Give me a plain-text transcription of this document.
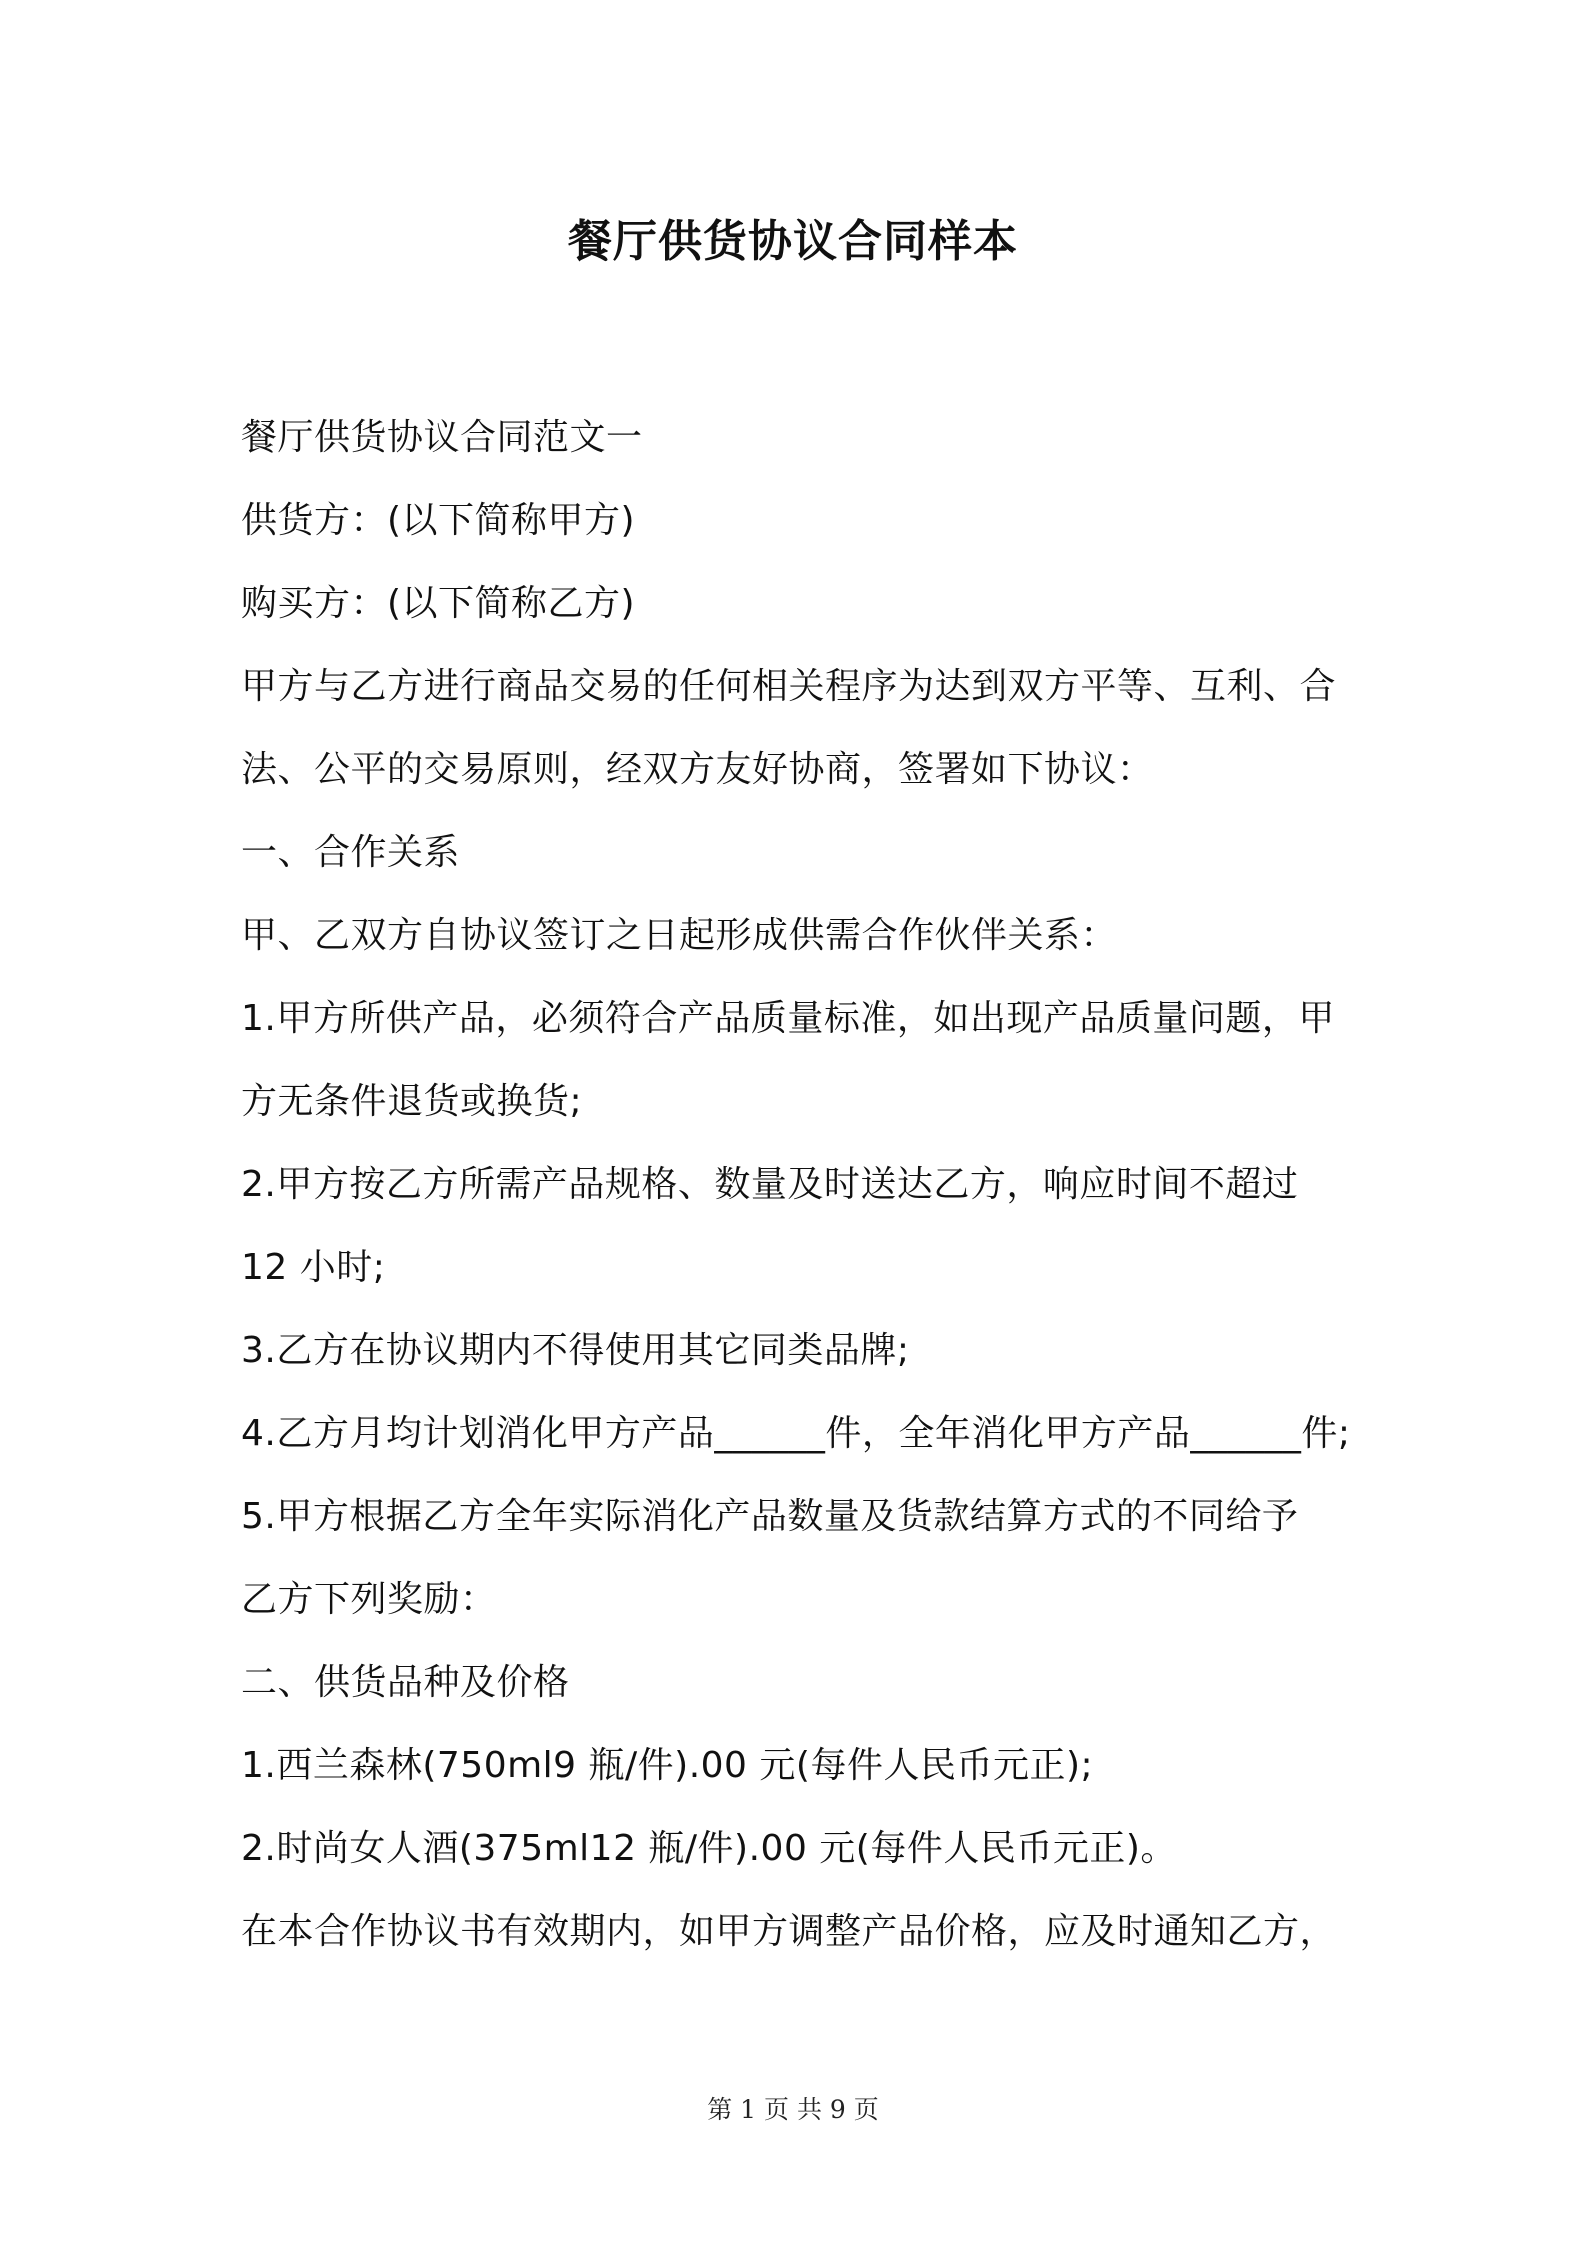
餐厅供货协议合同样本
餐厅供货协议合同范文一
供货方：(以下简称甲方)
购买方：(以下简称乙方)
甲方与乙方进行商品交易的任何相关程序为达到双方平等、互利、合
法、公平的交易原则，经双方友好协商，签署如下协议：
一、合作关系
甲、乙双方自协议签订之日起形成供需合作伙伴关系：
1.甲方所供产品，必须符合产品质量标准，如出现产品质量问题，甲
方无条件退货或换货;
2.甲方按乙方所需产品规格、数量及时送达乙方，响应时间不超过
12 小时;
3.乙方在协议期内不得使用其它同类品牌;
4.乙方月均计划消化甲方产品______件，全年消化甲方产品______件;
5.甲方根据乙方全年实际消化产品数量及货款结算方式的不同给予
乙方下列奖励：
二、供货品种及价格
1.西兰森林(750ml9 瓶/件).00 元(每件人民币元正);
2.时尚女人酒(375ml12 瓶/件).00 元(每件人民币元正)。
在本合作协议书有效期内，如甲方调整产品价格，应及时通知乙方，
第 1 页 共 9 页
